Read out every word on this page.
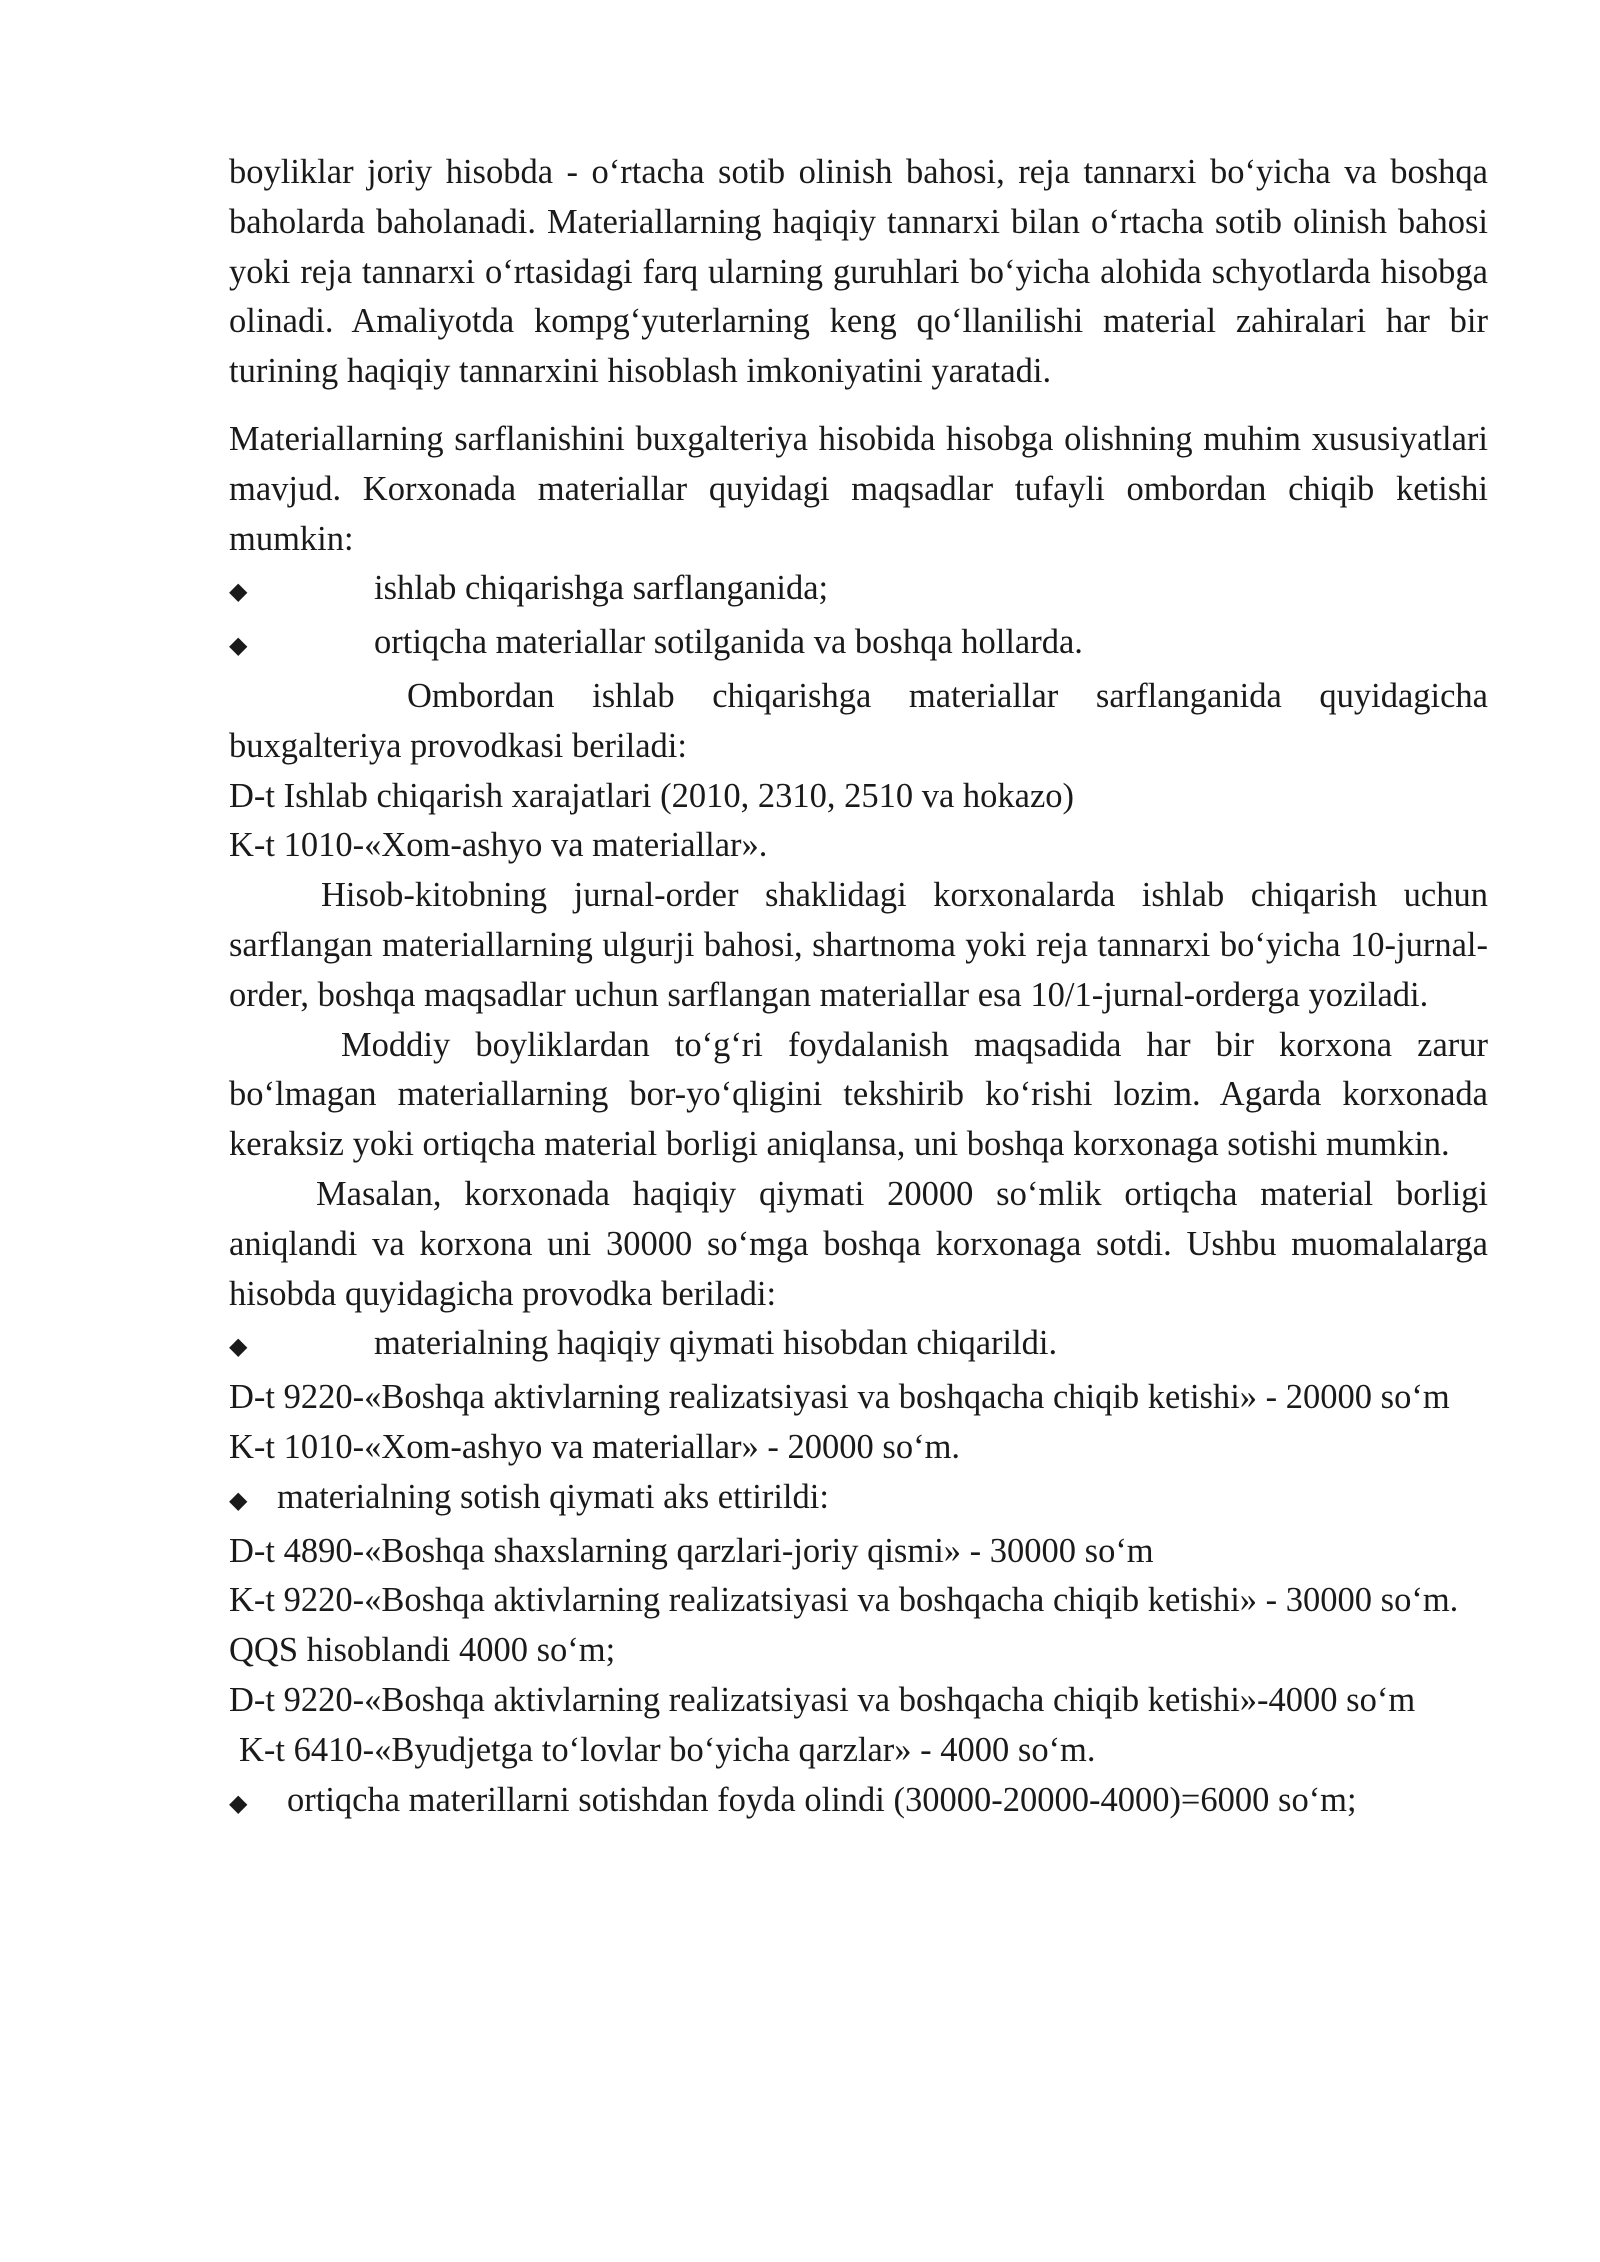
boyliklar joriy hisobda - o‘rtacha sotib olinish bahosi, reja tannarxi bo‘yicha va boshqa baholarda baholanadi. Materiallarning haqiqiy tannarxi bilan o‘rtacha sotib olinish bahosi yoki reja tannarxi o‘rtasidagi farq ularning guruhlari bo‘yicha alohida schyotlarda hisobga olinadi. Amaliyotda kompg‘yuterlarning keng qo‘llanilishi material zahiralari har bir turining haqiqiy tannarxini hisoblash imkoniyatini yaratadi.

Materiallarning sarflanishini buxgalteriya hisobida hisobga olishning muhim xususiyatlari mavjud. Korxonada materiallar quyidagi maqsadlar tufayli ombordan chiqib ketishi mumkin:

◆	ishlab chiqarishga sarflanganida;
◆	ortiqcha materiallar sotilganida va boshqa hollarda.

Ombordan ishlab chiqarishga materiallar sarflanganida quyidagicha buxgalteriya provodkasi beriladi:

D-t Ishlab chiqarish xarajatlari (2010, 2310, 2510 va hokazo)

K-t 1010-«Xom-ashyo va materiallar».

Hisob-kitobning jurnal-order shaklidagi korxonalarda ishlab chiqarish uchun sarflangan materiallarning ulgurji bahosi, shartnoma yoki reja tannarxi bo‘yicha 10-jurnal-order, boshqa maqsadlar uchun sarflangan materiallar esa 10/1-jurnal-orderga yoziladi.

Moddiy boyliklardan to‘g‘ri foydalanish maqsadida har bir korxona zarur bo‘lmagan materiallarning bor-yo‘qligini tekshirib ko‘rishi lozim. Agarda korxonada keraksiz yoki ortiqcha material borligi aniqlansa, uni boshqa korxonaga sotishi mumkin.

Masalan, korxonada haqiqiy qiymati 20000 so‘mlik ortiqcha material borligi aniqlandi va korxona uni 30000 so‘mga boshqa korxonaga sotdi. Ushbu muomalalarga hisobda quyidagicha provodka beriladi:

◆	materialning haqiqiy qiymati hisobdan chiqarildi.

D-t 9220-«Boshqa aktivlarning realizatsiyasi va boshqacha chiqib ketishi» - 20000 so‘m

K-t 1010-«Xom-ashyo va materiallar» - 20000 so‘m.

◆ materialning sotish qiymati aks ettirildi:

D-t 4890-«Boshqa shaxslarning qarzlari-joriy qismi» - 30000 so‘m

K-t 9220-«Boshqa aktivlarning realizatsiyasi va boshqacha chiqib ketishi» - 30000 so‘m.

QQS hisoblandi 4000 so‘m;

D-t 9220-«Boshqa aktivlarning realizatsiyasi va boshqacha chiqib ketishi»-4000 so‘m

K-t 6410-«Byudjetga to‘lovlar bo‘yicha qarzlar» - 4000 so‘m.

◆	ortiqcha materillarni sotishdan foyda olindi (30000-20000-4000)=6000 so‘m;
